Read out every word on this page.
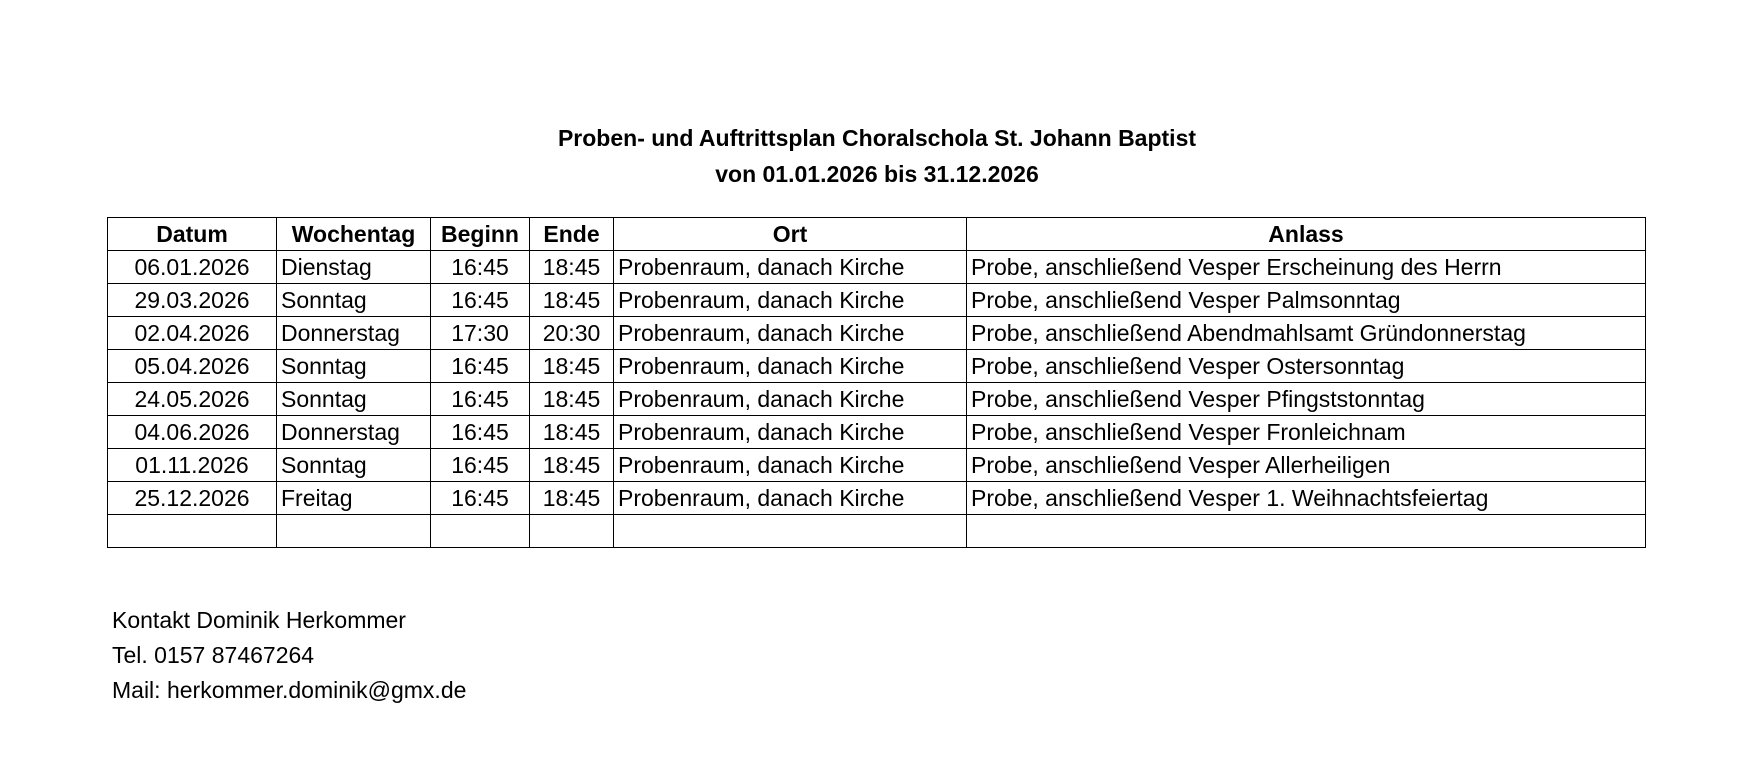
Proben- und Auftrittsplan Choralschola St. Johann Baptist
von 01.01.2026 bis 31.12.2026
Datum	Wochentag	Beginn	Ende	Ort	Anlass
06.01.2026	Dienstag	16:45	18:45	Probenraum, danach Kirche	Probe, anschließend Vesper Erscheinung des Herrn
29.03.2026	Sonntag	16:45	18:45	Probenraum, danach Kirche	Probe, anschließend Vesper Palmsonntag
02.04.2026	Donnerstag	17:30	20:30	Probenraum, danach Kirche	Probe, anschließend Abendmahlsamt Gründonnerstag
05.04.2026	Sonntag	16:45	18:45	Probenraum, danach Kirche	Probe, anschließend Vesper Ostersonntag
24.05.2026	Sonntag	16:45	18:45	Probenraum, danach Kirche	Probe, anschließend Vesper Pfingststonntag
04.06.2026	Donnerstag	16:45	18:45	Probenraum, danach Kirche	Probe, anschließend Vesper Fronleichnam
01.11.2026	Sonntag	16:45	18:45	Probenraum, danach Kirche	Probe, anschließend Vesper Allerheiligen
25.12.2026	Freitag	16:45	18:45	Probenraum, danach Kirche	Probe, anschließend Vesper 1. Weihnachtsfeiertag

Kontakt Dominik Herkommer
Tel. 0157 87467264
Mail: herkommer.dominik@gmx.de
